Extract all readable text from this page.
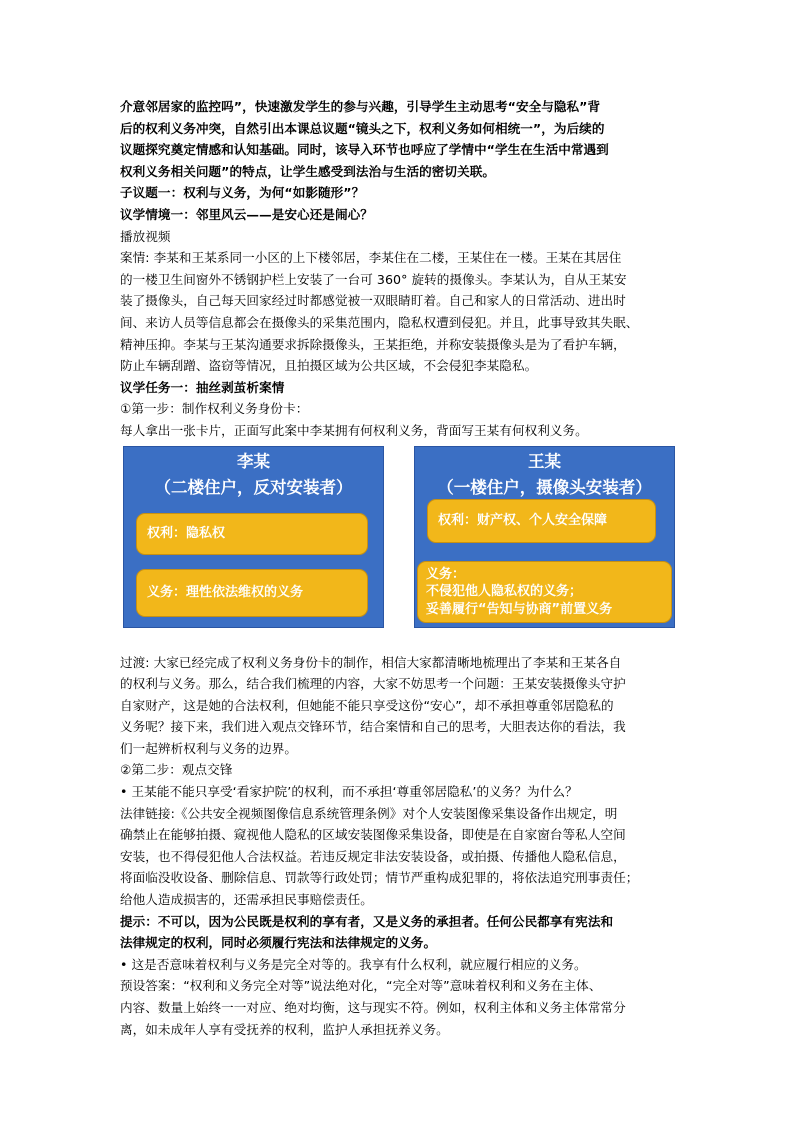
介意邻居家的监控吗”，快速激发学生的参与兴趣，引导学生主动思考“安全与隐私”背
后的权利义务冲突，自然引出本课总议题“镜头之下，权利义务如何相统一”，为后续的
议题探究奠定情感和认知基础。同时，该导入环节也呼应了学情中“学生在生活中常遇到
权利义务相关问题”的特点，让学生感受到法治与生活的密切关联。
子议题一：权利与义务，为何“如影随形”？
议学情境一：邻里风云——是安心还是闹心？
播放视频
案情: 李某和王某系同一小区的上下楼邻居，李某住在二楼，王某住在一楼。王某在其居住
的一楼卫生间窗外不锈钢护栏上安装了一台可 360° 旋转的摄像头。李某认为，自从王某安
装了摄像头，自己每天回家经过时都感觉被一双眼睛盯着。自己和家人的日常活动、进出时
间、来访人员等信息都会在摄像头的采集范围内，隐私权遭到侵犯。并且，此事导致其失眠、
精神压抑。李某与王某沟通要求拆除摄像头，王某拒绝，并称安装摄像头是为了看护车辆，
防止车辆刮蹭、盗窃等情况，且拍摄区域为公共区域，不会侵犯李某隐私。
议学任务一：抽丝剥茧析案情
①第一步：制作权利义务身份卡：
每人拿出一张卡片，正面写此案中李某拥有何权利义务，背面写王某有何权利义务。
李某
（二楼住户，反对安装者）
权利：隐私权
义务：理性依法维权的义务
王某
（一楼住户，摄像头安装者）
权利：财产权、个人安全保障
义务：
不侵犯他人隐私权的义务；
妥善履行“告知与协商”前置义务
过渡: 大家已经完成了权利义务身份卡的制作，相信大家都清晰地梳理出了李某和王某各自
的权利与义务。那么，结合我们梳理的内容，大家不妨思考一个问题：王某安装摄像头守护
自家财产，这是她的合法权利，但她能不能只享受这份“安心”，却不承担尊重邻居隐私的
义务呢？接下来，我们进入观点交锋环节，结合案情和自己的思考，大胆表达你的看法，我
们一起辨析权利与义务的边界。
②第二步：观点交锋
• 王某能不能只享受‘看家护院’的权利，而不承担‘尊重邻居隐私’的义务？为什么？
法律链接:《公共安全视频图像信息系统管理条例》对个人安装图像采集设备作出规定，明
确禁止在能够拍摄、窥视他人隐私的区域安装图像采集设备，即使是在自家窗台等私人空间
安装，也不得侵犯他人合法权益。若违反规定非法安装设备，或拍摄、传播他人隐私信息，
将面临没收设备、删除信息、罚款等行政处罚；情节严重构成犯罪的，将依法追究刑事责任；
给他人造成损害的，还需承担民事赔偿责任。
提示：不可以，因为公民既是权利的享有者，又是义务的承担者。任何公民都享有宪法和
法律规定的权利，同时必须履行宪法和法律规定的义务。
• 这是否意味着权利与义务是完全对等的。我享有什么权利，就应履行相应的义务。
预设答案：“权利和义务完全对等”说法绝对化，“完全对等”意味着权利和义务在主体、
内容、数量上始终一一对应、绝对均衡，这与现实不符。例如，权利主体和义务主体常常分
离，如未成年人享有受抚养的权利，监护人承担抚养义务。
